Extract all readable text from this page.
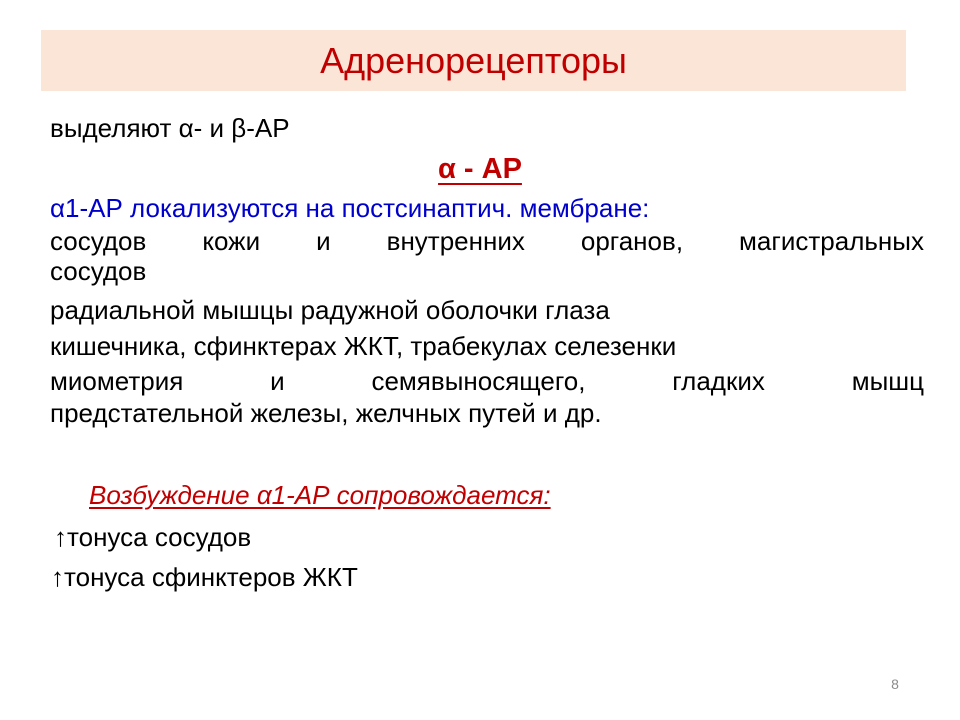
Адренорецепторы

выделяют α- и β-АР

α - АР

α1-АР локализуются на постсинаптич. мембране:

сосудов кожи и внутренних органов, магистральных

сосудов

радиальной мышцы радужной оболочки глаза

кишечника, сфинктерах ЖКТ, трабекулах селезенки

миометрия	и	семявыносящего,	гладких	мышц

предстательной железы, желчных путей и др.

Возбуждение α1-АР сопровождается:

↑тонуса сосудов

↑тонуса сфинктеров ЖКТ

8
